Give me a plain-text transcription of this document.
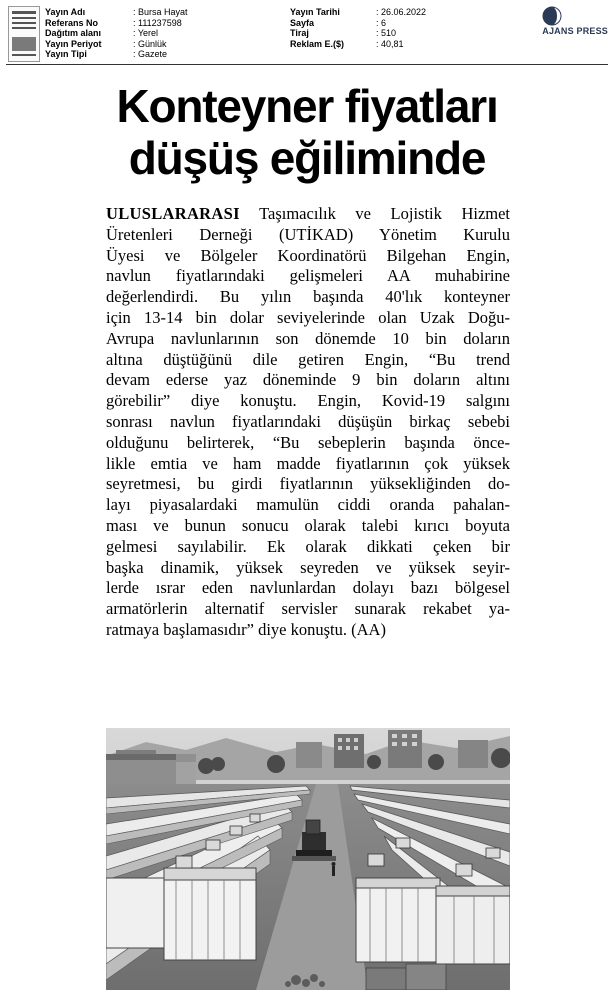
Yayın Adı	: Bursa Hayat
Referans No	: 111237598
Dağıtım alanı	: Yerel
Yayın Periyot	: Günlük
Yayın Tipi	: Gazete
Yayın Tarihi	: 26.06.2022
Sayfa	: 6
Tiraj	: 510
Reklam E.($)	: 40,81
AJANS PRESS
Konteyner fiyatları
düşüş eğiliminde
ULUSLARARASI Taşımacılık ve Lojistik Hizmet
Üretenleri Derneği (UTİKAD) Yönetim Kurulu
Üyesi ve Bölgeler Koordinatörü Bilgehan Engin,
navlun fiyatlarındaki gelişmeleri AA muhabirine
değerlendirdi. Bu yılın başında 40'lık konteyner
için 13-14 bin dolar seviyelerinde olan Uzak Doğu-
Avrupa navlunlarının son dönemde 10 bin doların
altına düştüğünü dile getiren Engin, “Bu trend
devam ederse yaz döneminde 9 bin doların altını
görebilir” diye konuştu. Engin, Kovid-19 salgını
sonrası navlun fiyatlarındaki düşüşün birkaç sebebi
olduğunu belirterek, “Bu sebeplerin başında önce-
likle emtia ve ham madde fiyatlarının çok yüksek
seyretmesi, bu girdi fiyatlarının yüksekliğinden do-
layı piyasalardaki mamulün ciddi oranda pahalan-
ması ve bunun sonucu olarak talebi kırıcı boyuta
gelmesi sayılabilir. Ek olarak dikkati çeken bir
başka dinamik, yüksek seyreden ve yüksek seyir-
lerde ısrar eden navlunlardan dolayı bazı bölgesel
armatörlerin alternatif servisler sunarak rekabet ya-
ratmaya başlamasıdır” diye konuştu. (AA)
